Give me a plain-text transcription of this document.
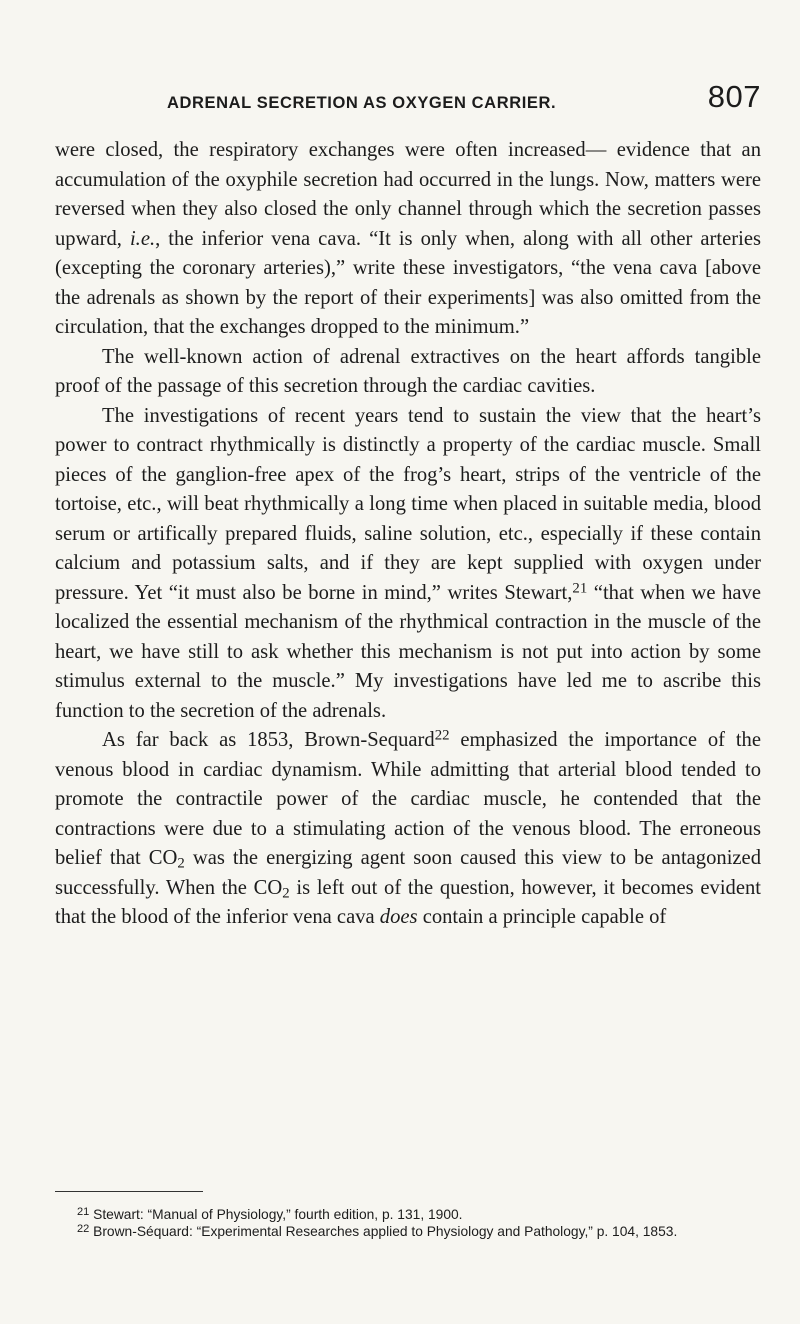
ADRENAL SECRETION AS OXYGEN CARRIER.	807

were closed, the respiratory exchanges were often increased— evidence that an accumulation of the oxyphile secretion had occurred in the lungs. Now, matters were reversed when they also closed the only channel through which the secretion passes upward, i.e., the inferior vena cava. “It is only when, along with all other arteries (excepting the coronary arteries),” write these investigators, “the vena cava [above the adrenals as shown by the report of their experiments] was also omitted from the circulation, that the exchanges dropped to the minimum.”

The well-known action of adrenal extractives on the heart affords tangible proof of the passage of this secretion through the cardiac cavities.

The investigations of recent years tend to sustain the view that the heart’s power to contract rhythmically is distinctly a property of the cardiac muscle. Small pieces of the ganglion-free apex of the frog’s heart, strips of the ventricle of the tortoise, etc., will beat rhythmically a long time when placed in suitable media, blood serum or artifically prepared fluids, saline solution, etc., especially if these contain calcium and potassium salts, and if they are kept supplied with oxygen under pressure. Yet “it must also be borne in mind,” writes Stewart,$^{21}$ “that when we have localized the essential mechanism of the rhythmical contraction in the muscle of the heart, we have still to ask whether this mechanism is not put into action by some stimulus external to the muscle.” My investigations have led me to ascribe this function to the secretion of the adrenals.

As far back as 1853, Brown-Sequard$^{22}$ emphasized the importance of the venous blood in cardiac dynamism. While admitting that arterial blood tended to promote the contractile power of the cardiac muscle, he contended that the contractions were due to a stimulating action of the venous blood. The erroneous belief that $CO_2$ was the energizing agent soon caused this view to be antagonized successfully. When the $CO_2$ is left out of the question, however, it becomes evident that the blood of the inferior vena cava does contain a principle capable of

$^{21}$ Stewart: “Manual of Physiology,” fourth edition, p. 131, 1900.

$^{22}$ Brown-Séquard: “Experimental Researches applied to Physiology and Pathology,” p. 104, 1853.
